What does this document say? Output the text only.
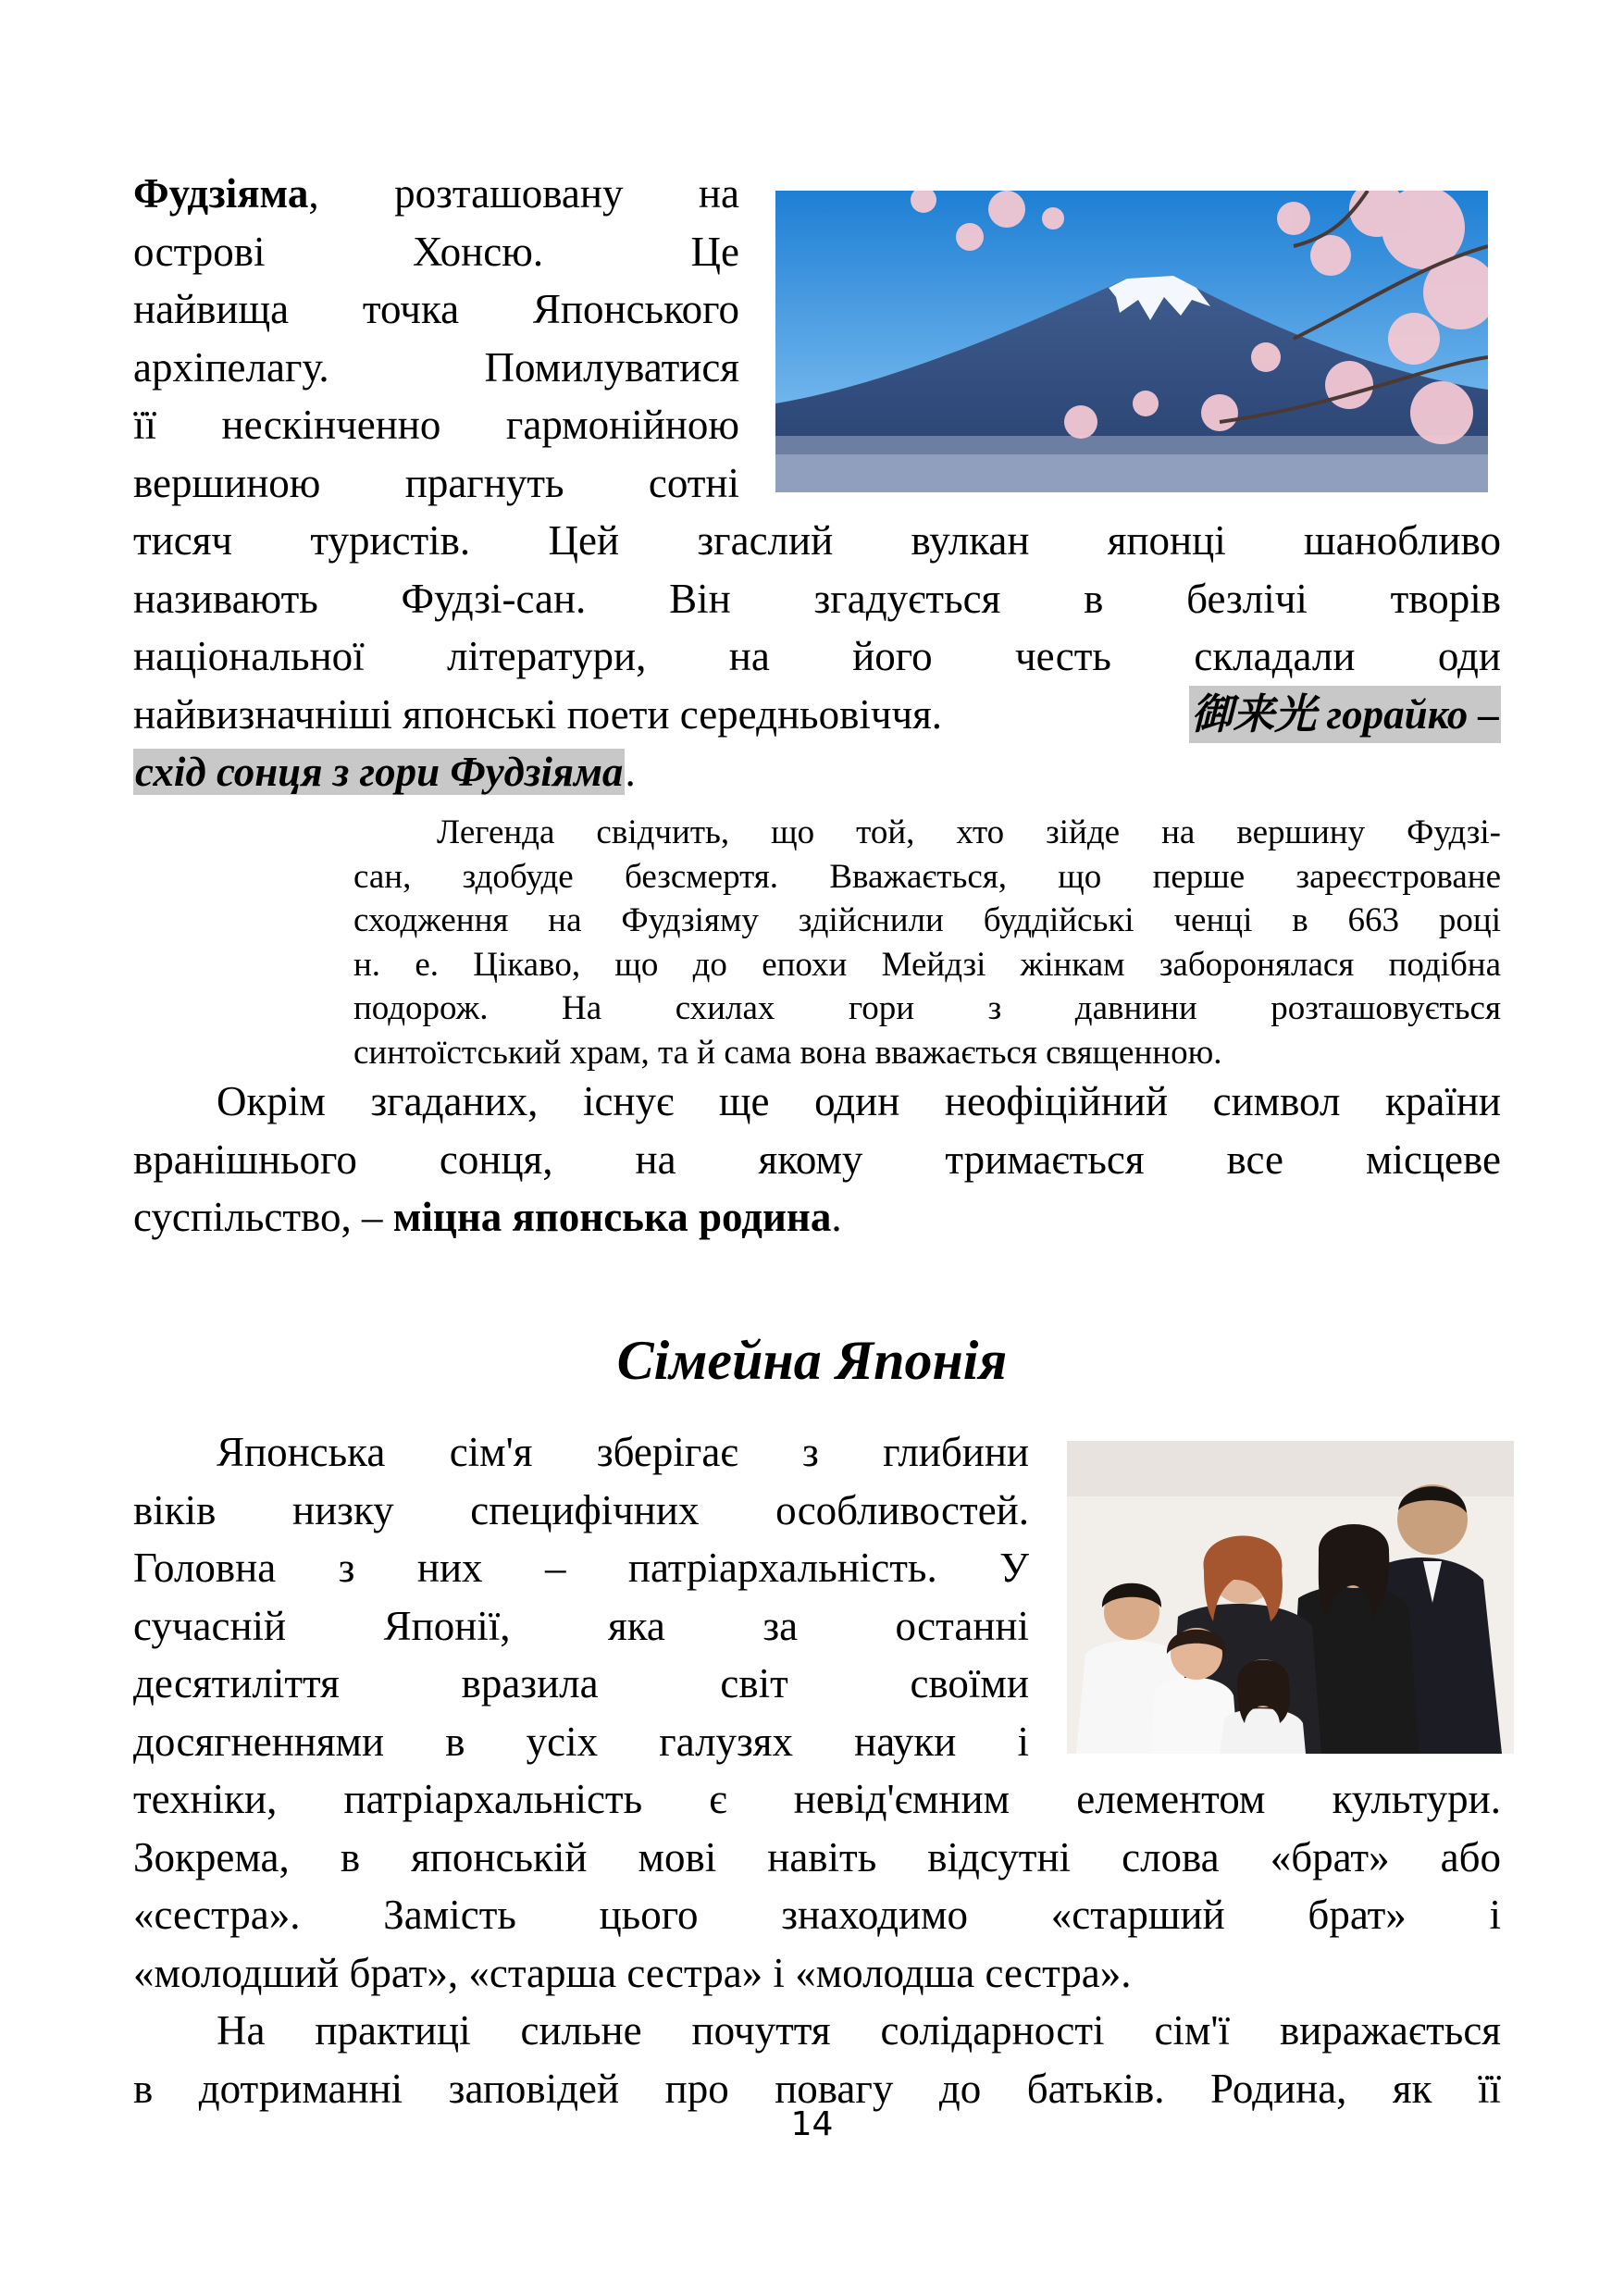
Фудзіяма, розташовану на
острові	Хонсю.	Це
найвища точка Японського
архіпелагу. Помилуватися
її нескінченно гармонійною
вершиною прагнуть сотні
тисяч туристів. Цей згаслий вулкан японці шанобливо
називають Фудзі-сан. Він згадується в безлічі творів
національної літератури, на його честь складали оди
найвизначніші японські поети середньовіччя.	御来光 горайко –
схід сонця з гори Фудзіяма.
Легенда свідчить, що той, хто зійде на вершину Фудзі-
сан, здобуде безсмертя. Вважається, що перше зареєстроване
сходження на Фудзіяму здійснили буддійські ченці в 663 році
н. е. Цікаво, що до епохи Мейдзі жінкам заборонялася подібна
подорож. На схилах гори з давнини розташовується
синтоїстський храм, та й сама вона вважається священною.
Окрім згаданих, існує ще один неофіційний символ країни
вранішнього сонця, на якому тримається все місцеве
суспільство, – міцна японська родина.
Сімейна Японія
Японська сім'я зберігає з глибини
віків низку специфічних особливостей.
Головна з них – патріархальність. У
сучасній Японії, яка за останні
десятиліття вразила світ своїми
досягненнями в усіх галузях науки і
техніки, патріархальність є невід'ємним елементом культури.
Зокрема, в японській мові навіть відсутні слова «брат» або
«сестра». Замість цього знаходимо «старший брат» і
«молодший брат», «старша сестра» і «молодша сестра».
На практиці сильне почуття солідарності сім'ї виражається
в дотриманні заповідей про повагу до батьків. Родина, як її
14
